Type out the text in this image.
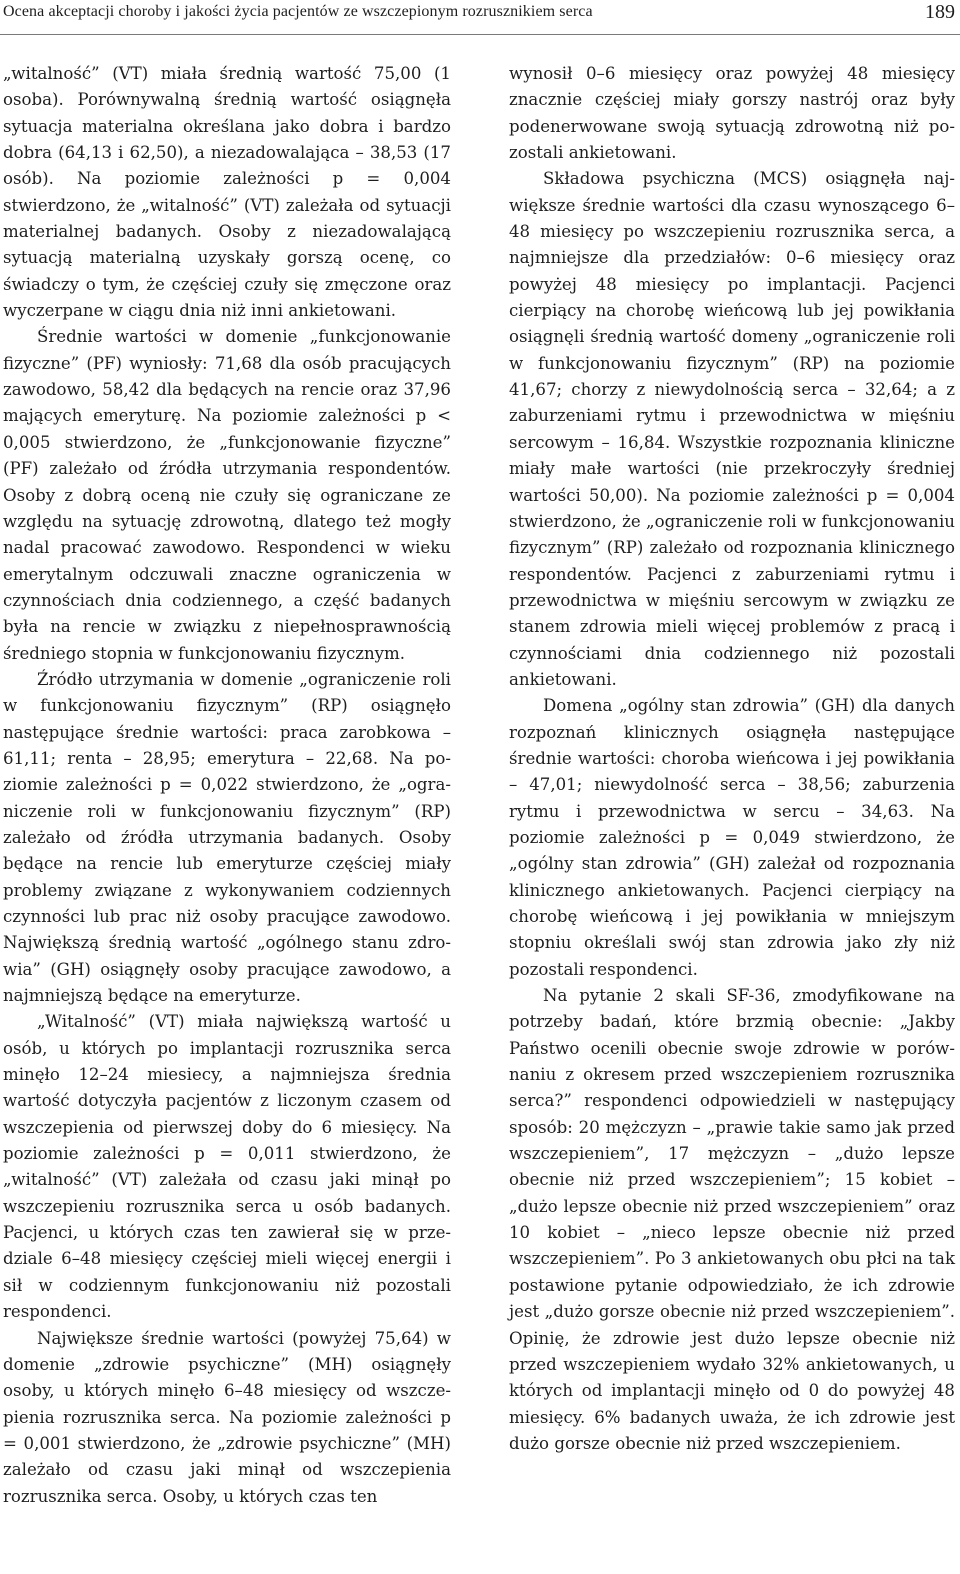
Ocena akceptacji choroby i jakości życia pacjentów ze wszczepionym rozrusznikiem serca	189

„witalność” (VT) miała średnią wartość 75,00 (1 osoba). Porównywalną średnią wartość osiągnęła sytuacja materialna określana jako dobra i bardzo dobra (64,13 i 62,50), a niezadowalająca – 38,53 (17 osób). Na poziomie zależności p = 0,004 stwierdzono, że „witalność” (VT) zależała od sytuacji materialnej badanych. Osoby z niezadowalającą sytuacją materialną uzyskały gorszą ocenę, co świadczy o tym, że częściej czuły się zmęczone oraz wyczerpane w ciągu dnia niż inni ankietowani.

Średnie wartości w domenie „funkcjonowanie fizyczne” (PF) wyniosły: 71,68 dla osób pracujących zawodowo, 58,42 dla będących na rencie oraz 37,96 mających emeryturę. Na poziomie zależności p < 0,005 stwierdzono, że „funkcjonowanie fizyczne” (PF) zależało od źródła utrzymania respondentów. Osoby z dobrą oceną nie czuły się ograniczane ze względu na sytuację zdrowotną, dlatego też mogły nadal pracować zawodowo. Respondenci w wieku emerytalnym odczuwali znaczne ograniczenia w czynnościach dnia codziennego, a część badanych była na rencie w związku z niepełnosprawnością średniego stopnia w funkcjonowaniu fizycznym.

Źródło utrzymania w domenie „ograniczenie roli w funkcjonowaniu fizycznym” (RP) osiągnęło następujące średnie wartości: praca zarobkowa – 61,11; renta – 28,95; emerytura – 22,68. Na poziomie zależności p = 0,022 stwierdzono, że „ograniczenie roli w funkcjonowaniu fizycznym” (RP) zależało od źródła utrzymania badanych. Osoby będące na rencie lub emeryturze częściej miały problemy związane z wykonywaniem codziennych czynności lub prac niż osoby pracujące zawodowo. Największą średnią wartość „ogólnego stanu zdrowia” (GH) osiągnęły osoby pracujące zawodowo, a najmniejszą będące na emeryturze.

„Witalność” (VT) miała największą wartość u osób, u których po implantacji rozrusznika serca minęło 12–24 miesiecy, a najmniejsza średnia wartość dotyczyła pacjentów z liczonym czasem od wszczepienia od pierwszej doby do 6 miesięcy. Na poziomie zależności p = 0,011 stwierdzono, że „witalność” (VT) zależała od czasu jaki minął po wszczepieniu rozrusznika serca u osób badanych. Pacjenci, u których czas ten zawierał się w przedziale 6–48 miesięcy częściej mieli więcej energii i sił w codziennym funkcjonowaniu niż pozostali respondenci.

Największe średnie wartości (powyżej 75,64) w domenie „zdrowie psychiczne” (MH) osiągnęły osoby, u których minęło 6–48 miesięcy od wszczepienia rozrusznika serca. Na poziomie zależności p = 0,001 stwierdzono, że „zdrowie psychiczne” (MH) zależało od czasu jaki minął od wszczepienia rozrusznika serca. Osoby, u których czas ten

wynosił 0–6 miesięcy oraz powyżej 48 miesięcy znacznie częściej miały gorszy nastrój oraz były podenerwowane swoją sytuacją zdrowotną niż pozostali ankietowani.

Składowa psychiczna (MCS) osiągnęła największe średnie wartości dla czasu wynoszącego 6–48 miesięcy po wszczepieniu rozrusznika serca, a najmniejsze dla przedziałów: 0–6 miesięcy oraz powyżej 48 miesięcy po implantacji. Pacjenci cierpiący na chorobę wieńcową lub jej powikłania osiągnęli średnią wartość domeny „ograniczenie roli w funkcjonowaniu fizycznym” (RP) na poziomie 41,67; chorzy z niewydolnością serca – 32,64; a z zaburzeniami rytmu i przewodnictwa w mięśniu sercowym – 16,84. Wszystkie rozpoznania kliniczne miały małe wartości (nie przekroczyły średniej wartości 50,00). Na poziomie zależności p = 0,004 stwierdzono, że „ograniczenie roli w funkcjonowaniu fizycznym” (RP) zależało od rozpoznania klinicznego respondentów. Pacjenci z zaburzeniami rytmu i przewodnictwa w mięśniu sercowym w związku ze stanem zdrowia mieli więcej problemów z pracą i czynnościami dnia codziennego niż pozostali ankietowani.

Domena „ogólny stan zdrowia” (GH) dla danych rozpoznań klinicznych osiągnęła następujące średnie wartości: choroba wieńcowa i jej powikłania – 47,01; niewydolność serca – 38,56; zaburzenia rytmu i przewodnictwa w sercu – 34,63. Na poziomie zależności p = 0,049 stwierdzono, że „ogólny stan zdrowia” (GH) zależał od rozpoznania klinicznego ankietowanych. Pacjenci cierpiący na chorobę wieńcową i jej powikłania w mniejszym stopniu określali swój stan zdrowia jako zły niż pozostali respondenci.

Na pytanie 2 skali SF-36, zmodyfikowane na potrzeby badań, które brzmią obecnie: „Jakby Państwo ocenili obecnie swoje zdrowie w porównaniu z okresem przed wszczepieniem rozrusznika serca?” respondenci odpowiedzieli w następujący sposób: 20 mężczyzn – „prawie takie samo jak przed wszczepieniem”, 17 mężczyzn – „dużo lepsze obecnie niż przed wszczepieniem”; 15 kobiet – „dużo lepsze obecnie niż przed wszczepieniem” oraz 10 kobiet – „nieco lepsze obecnie niż przed wszczepieniem”. Po 3 ankietowanych obu płci na tak postawione pytanie odpowiedziało, że ich zdrowie jest „dużo gorsze obecnie niż przed wszczepieniem”. Opinię, że zdrowie jest dużo lepsze obecnie niż przed wszczepieniem wydało 32% ankietowanych, u których od implantacji minęło od 0 do powyżej 48 miesięcy. 6% badanych uważa, że ich zdrowie jest dużo gorsze obecnie niż przed wszczepieniem.
